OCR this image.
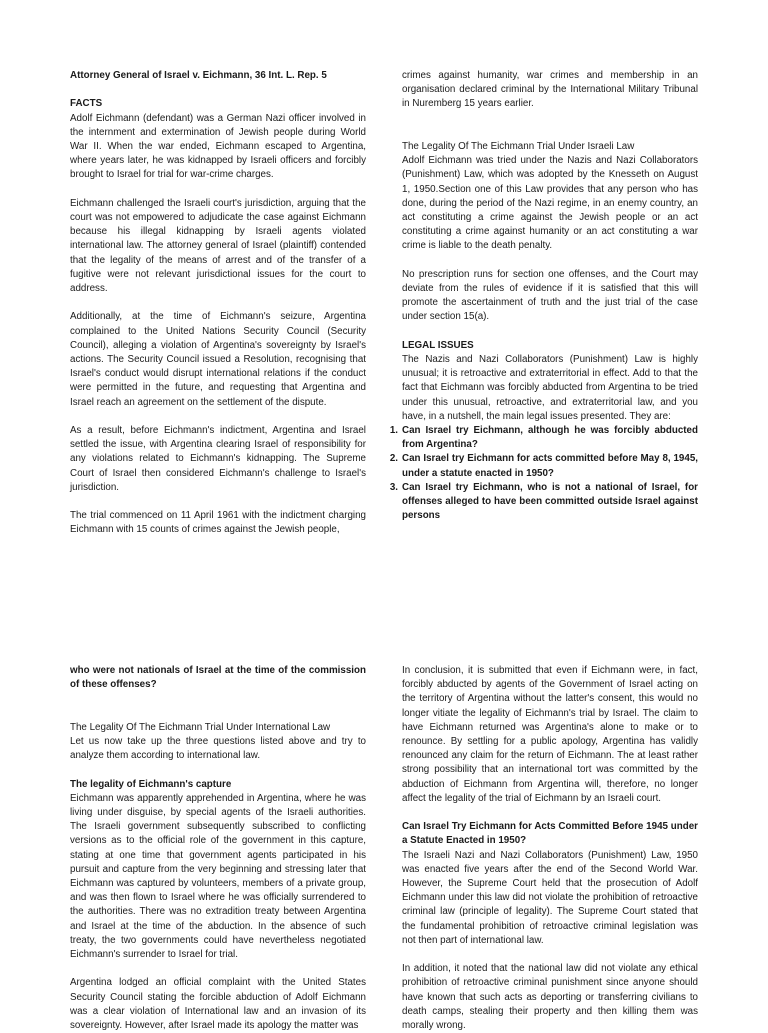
Attorney General of Israel v. Eichmann, 36 Int. L. Rep. 5

FACTS

Adolf Eichmann (defendant) was a German Nazi officer involved in the internment and extermination of Jewish people during World War II. When the war ended, Eichmann escaped to Argentina, where years later, he was kidnapped by Israeli officers and forcibly brought to Israel for trial for war-crime charges.

Eichmann challenged the Israeli court's jurisdiction, arguing that the court was not empowered to adjudicate the case against Eichmann because his illegal kidnapping by Israeli agents violated international law. The attorney general of Israel (plaintiff) contended that the legality of the means of arrest and of the transfer of a fugitive were not relevant jurisdictional issues for the court to address.

Additionally, at the time of Eichmann's seizure, Argentina complained to the United Nations Security Council (Security Council), alleging a violation of Argentina's sovereignty by Israel's actions. The Security Council issued a Resolution, recognising that Israel's conduct would disrupt international relations if the conduct were permitted in the future, and requesting that Argentina and Israel reach an agreement on the settlement of the dispute.

As a result, before Eichmann's indictment, Argentina and Israel settled the issue, with Argentina clearing Israel of responsibility for any violations related to Eichmann's kidnapping. The Supreme Court of Israel then considered Eichmann's challenge to Israel's jurisdiction.

The trial commenced on 11 April 1961 with the indictment charging Eichmann with 15 counts of crimes against the Jewish people,

crimes against humanity, war crimes and membership in an organisation declared criminal by the International Military Tribunal in Nuremberg 15 years earlier.

The Legality Of The Eichmann Trial Under Israeli Law

Adolf Eichmann was tried under the Nazis and Nazi Collaborators (Punishment) Law, which was adopted by the Knesseth on August 1, 1950.Section one of this Law provides that any person who has done, during the period of the Nazi regime, in an enemy country, an act constituting a crime against the Jewish people or an act constituting a crime against humanity or an act constituting a war crime is liable to the death penalty.

No prescription runs for section one offenses, and the Court may deviate from the rules of evidence if it is satisfied that this will promote the ascertainment of truth and the just trial of the case under section 15(a).

LEGAL ISSUES

The Nazis and Nazi Collaborators (Punishment) Law is highly unusual; it is retroactive and extraterritorial in effect. Add to that the fact that Eichmann was forcibly abducted from Argentina to be tried under this unusual, retroactive, and extraterritorial law, and you have, in a nutshell, the main legal issues presented. They are:

1. Can Israel try Eichmann, although he was forcibly abducted from Argentina?
2. Can Israel try Eichmann for acts committed before May 8, 1945, under a statute enacted in 1950?
3. Can Israel try Eichmann, who is not a national of Israel, for offenses alleged to have been committed outside Israel against persons

who were not nationals of Israel at the time of the commission of these offenses?

The Legality Of The Eichmann Trial Under International Law

Let us now take up the three questions listed above and try to analyze them according to international law.

The legality of Eichmann's capture

Eichmann was apparently apprehended in Argentina, where he was living under disguise, by special agents of the Israeli authorities. The Israeli government subsequently subscribed to conflicting versions as to the official role of the government in this capture, stating at one time that government agents participated in his pursuit and capture from the very beginning and stressing later that Eichmann was captured by volunteers, members of a private group, and was then flown to Israel where he was officially surrendered to the authorities. There was no extradition treaty between Argentina and Israel at the time of the abduction. In the absence of such treaty, the two governments could have nevertheless negotiated Eichmann's surrender to Israel for trial.

Argentina lodged an official complaint with the United States Security Council stating the forcible abduction of Adolf Eichmann was a clear violation of International law and an invasion of its sovereignty. However, after Israel made its apology the matter was

In conclusion, it is submitted that even if Eichmann were, in fact, forcibly abducted by agents of the Government of Israel acting on the territory of Argentina without the latter's consent, this would no longer vitiate the legality of Eichmann's trial by Israel. The claim to have Eichmann returned was Argentina's alone to make or to renounce. By settling for a public apology, Argentina has validly renounced any claim for the return of Eichmann. The at least rather strong possibility that an international tort was committed by the abduction of Eichmann from Argentina will, therefore, no longer affect the legality of the trial of Eichmann by an Israeli court.

Can Israel Try Eichmann for Acts Committed Before 1945 under a Statute Enacted in 1950?

The Israeli Nazi and Nazi Collaborators (Punishment) Law, 1950 was enacted five years after the end of the Second World War. However, the Supreme Court held that the prosecution of Adolf Eichmann under this law did not violate the prohibition of retroactive criminal law (principle of legality). The Supreme Court stated that the fundamental prohibition of retroactive criminal legislation was not then part of international law.

In addition, it noted that the national law did not violate any ethical prohibition of retroactive criminal punishment since anyone should have known that such acts as deporting or transferring civilians to death camps, stealing their property and then killing them was morally wrong.
